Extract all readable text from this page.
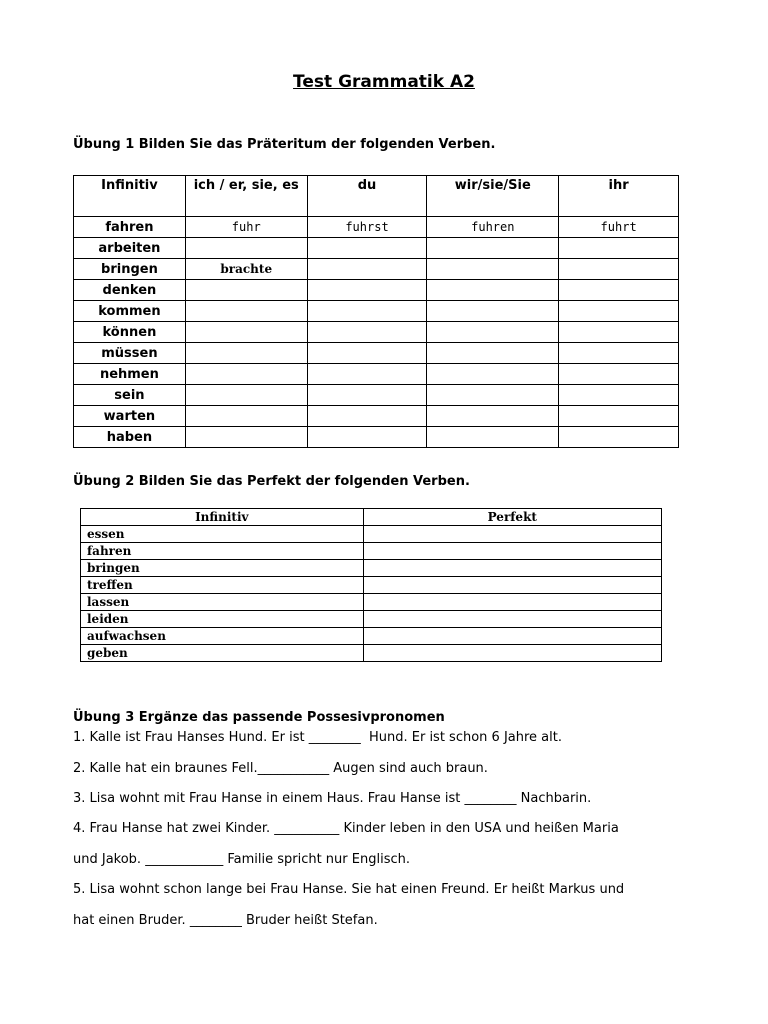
Test Grammatik A2
Übung 1 Bilden Sie das Präteritum der folgenden Verben.
Infinitiv	ich / er, sie, es	du	wir/sie/Sie	ihr
fahren	fuhr	fuhrst	fuhren	fuhrt
arbeiten				
bringen	brachte			
denken				
kommen				
können				
müssen				
nehmen				
sein				
warten				
haben				
Übung 2 Bilden Sie das Perfekt der folgenden Verben.
Infinitiv	Perfekt
essen	
fahren	
bringen	
treffen	
lassen	
leiden	
aufwachsen	
geben	
Übung 3 Ergänze das passende Possesivpronomen
1. Kalle ist Frau Hanses Hund. Er ist ________  Hund. Er ist schon 6 Jahre alt.
2. Kalle hat ein braunes Fell.___________ Augen sind auch braun.
3. Lisa wohnt mit Frau Hanse in einem Haus. Frau Hanse ist ________ Nachbarin.
4. Frau Hanse hat zwei Kinder. __________ Kinder leben in den USA und heißen Maria
und Jakob. ____________ Familie spricht nur Englisch.
5. Lisa wohnt schon lange bei Frau Hanse. Sie hat einen Freund. Er heißt Markus und
hat einen Bruder. ________ Bruder heißt Stefan.
